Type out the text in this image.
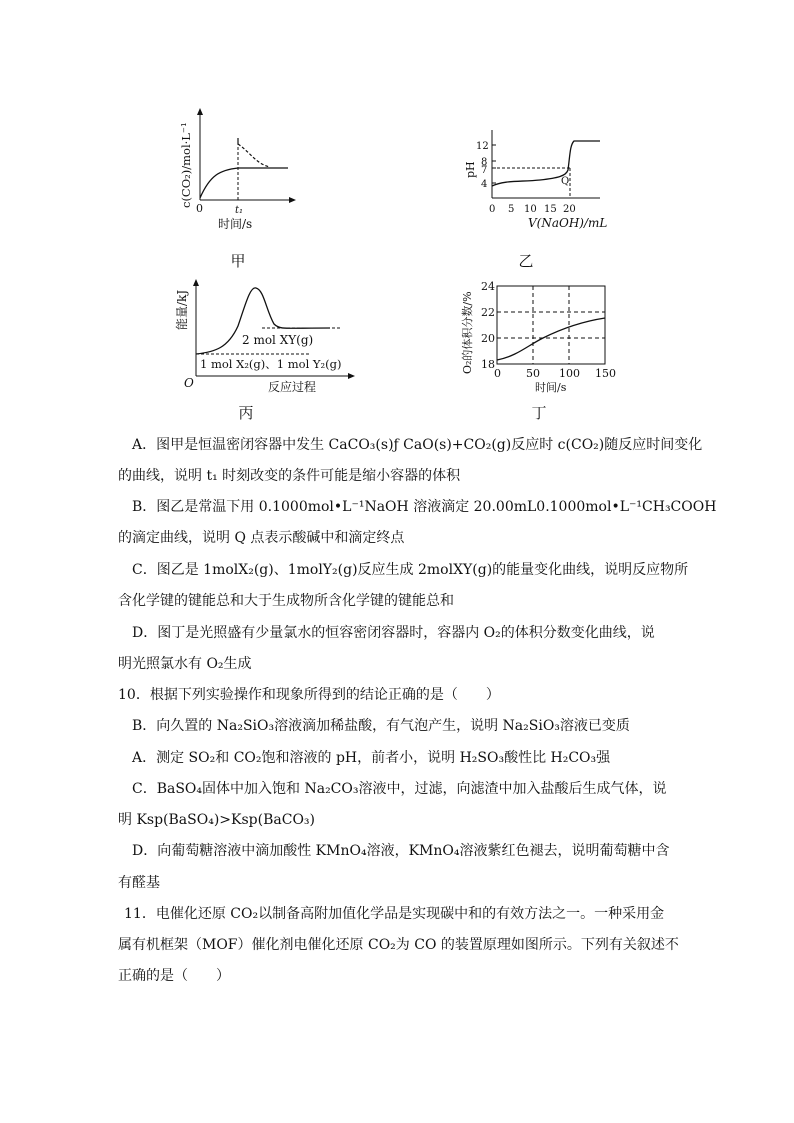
0	t₁
时间/s
c(CO₂)/mol·L⁻¹
甲
12
8
7
4
0 5 10 15 20
Q
V(NaOH)/mL
pH
乙
2 mol XY(g)
1 mol X₂(g)、1 mol Y₂(g)
O	反应过程
能量/kJ
丙
24
22
20
18
0 50 100 150
时间/s
O₂的体积分数/%
丁
A．图甲是恒温密闭容器中发生 CaCO₃(s)ƒ CaO(s)+CO₂(g)反应时 c(CO₂)随反应时间变化
的曲线，说明 t₁ 时刻改变的条件可能是缩小容器的体积
B．图乙是常温下用 0.1000mol•L⁻¹NaOH 溶液滴定 20.00mL0.1000mol•L⁻¹CH₃COOH
的滴定曲线，说明 Q 点表示酸碱中和滴定终点
C．图乙是 1molX₂(g)、1molY₂(g)反应生成 2molXY(g)的能量变化曲线，说明反应物所
含化学键的键能总和大于生成物所含化学键的键能总和
D．图丁是光照盛有少量氯水的恒容密闭容器时，容器内 O₂的体积分数变化曲线，说
明光照氯水有 O₂生成
10．根据下列实验操作和现象所得到的结论正确的是（　　）
B．向久置的 Na₂SiO₃溶液滴加稀盐酸，有气泡产生，说明 Na₂SiO₃溶液已变质
A．测定 SO₂和 CO₂饱和溶液的 pH，前者小，说明 H₂SO₃酸性比 H₂CO₃强
C．BaSO₄固体中加入饱和 Na₂CO₃溶液中，过滤，向滤渣中加入盐酸后生成气体，说
明 Ksp(BaSO₄)>Ksp(BaCO₃)
D．向葡萄糖溶液中滴加酸性 KMnO₄溶液，KMnO₄溶液紫红色褪去，说明葡萄糖中含
有醛基
11．电催化还原 CO₂以制备高附加值化学品是实现碳中和的有效方法之一。一种采用金
属有机框架（MOF）催化剂电催化还原 CO₂为 CO 的装置原理如图所示。下列有关叙述不
正确的是（　　）
